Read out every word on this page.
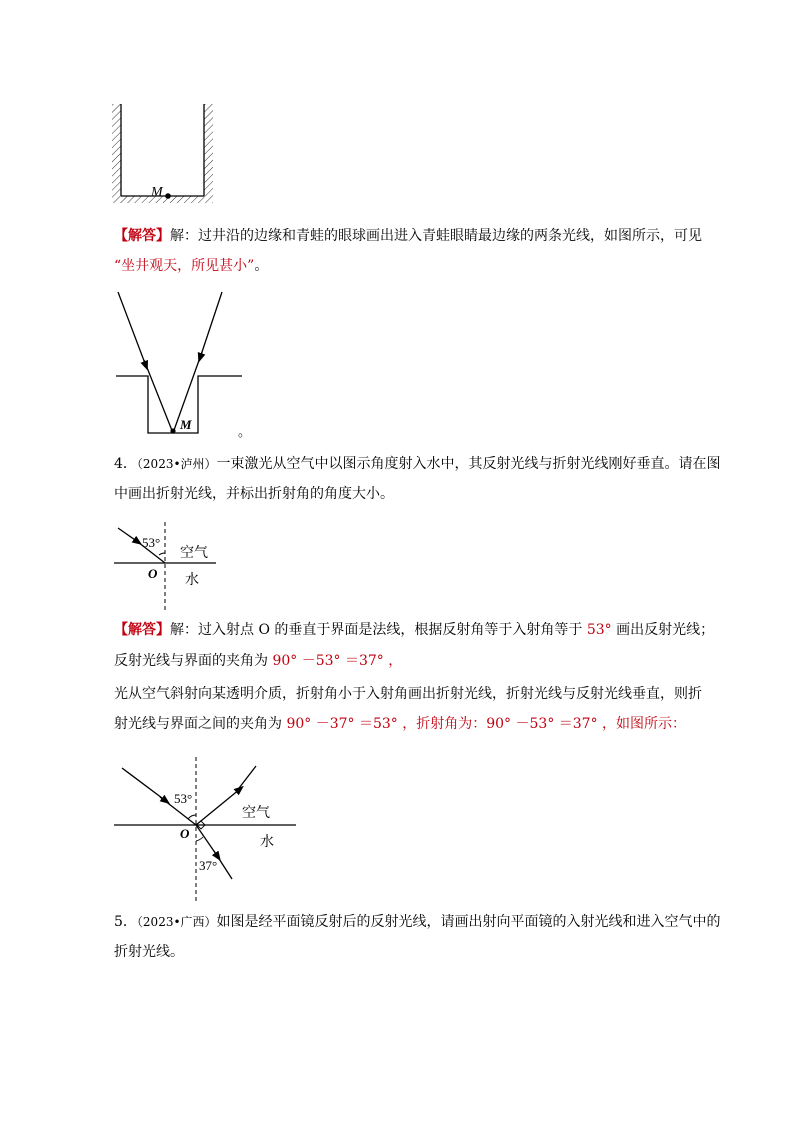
M
【解答】解：过井沿的边缘和青蛙的眼球画出进入青蛙眼睛最边缘的两条光线，如图所示，可见
“坐井观天，所见甚小”。
M	。
4．（2023•泸州）一束激光从空气中以图示角度射入水中，其反射光线与折射光线刚好垂直。请在图
中画出折射光线，并标出折射角的角度大小。
53°
空气
O 水
【解答】解：过入射点 O 的垂直于界面是法线，根据反射角等于入射角等于 53° 画出反射光线；
反射光线与界面的夹角为 90° －53° ＝37° ，
光从空气斜射向某透明介质，折射角小于入射角画出折射光线，折射光线与反射光线垂直，则折
射光线与界面之间的夹角为 90° －37° ＝53° ，折射角为：90° －53° ＝37° ，如图所示：
53°
空气
O
水
37°
5．（2023•广西）如图是经平面镜反射后的反射光线，请画出射向平面镜的入射光线和进入空气中的
折射光线。
